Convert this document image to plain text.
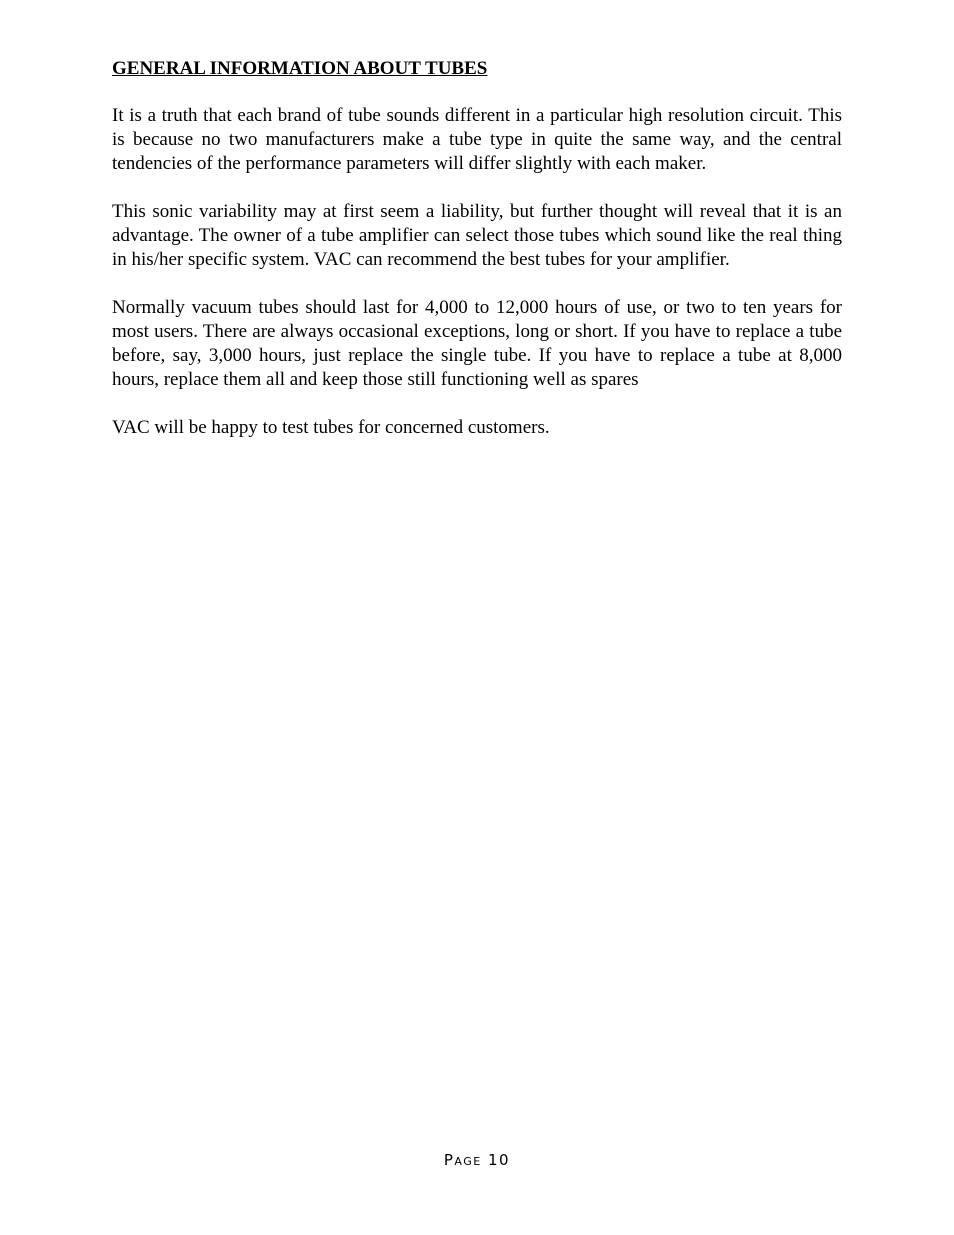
GENERAL INFORMATION ABOUT TUBES

It is a truth that each brand of tube sounds different in a particular high resolution circuit. This is because no two manufacturers make a tube type in quite the same way, and the central tendencies of the performance parameters will differ slightly with each maker.

This sonic variability may at first seem a liability, but further thought will reveal that it is an advantage. The owner of a tube amplifier can select those tubes which sound like the real thing in his/her specific system. VAC can recommend the best tubes for your amplifier.

Normally vacuum tubes should last for 4,000 to 12,000 hours of use, or two to ten years for most users. There are always occasional exceptions, long or short. If you have to replace a tube before, say, 3,000 hours, just replace the single tube. If you have to replace a tube at 8,000 hours, replace them all and keep those still functioning well as spares

VAC will be happy to test tubes for concerned customers.

Page 10
